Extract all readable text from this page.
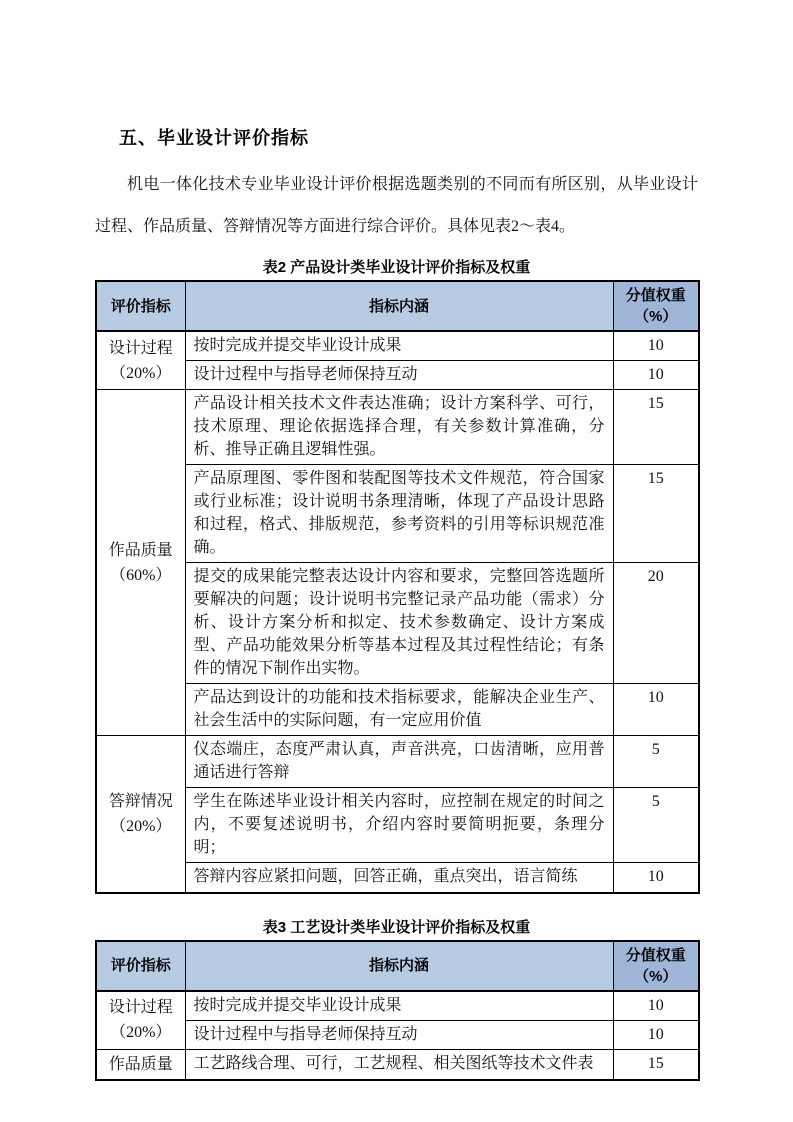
五、毕业设计评价指标

机电一体化技术专业毕业设计评价根据选题类别的不同而有所区别，从毕业设计过程、作品质量、答辩情况等方面进行综合评价。具体见表2～表4。

表2 产品设计类毕业设计评价指标及权重
评价指标	指标内涵	分值权重
（%）

设计过程
（20%）	按时完成并提交毕业设计成果	10
	设计过程中与指导老师保持互动	10

作品质量
（60%）	产品设计相关技术文件表达准确；设计方案科学、可行，技术原理、理论依据选择合理，有关参数计算准确，分析、推导正确且逻辑性强。	15
	产品原理图、零件图和装配图等技术文件规范，符合国家或行业标准；设计说明书条理清晰，体现了产品设计思路和过程，格式、排版规范，参考资料的引用等标识规范准确。	15
	提交的成果能完整表达设计内容和要求，完整回答选题所要解决的问题；设计说明书完整记录产品功能（需求）分析、设计方案分析和拟定、技术参数确定、设计方案成型、产品功能效果分析等基本过程及其过程性结论；有条件的情况下制作出实物。	20
	产品达到设计的功能和技术指标要求，能解决企业生产、社会生活中的实际问题，有一定应用价值	10

答辩情况
（20%）	仪态端庄，态度严肃认真，声音洪亮，口齿清晰，应用普通话进行答辩	5
	学生在陈述毕业设计相关内容时，应控制在规定的时间之内，不要复述说明书，介绍内容时要简明扼要，条理分明；	5
	答辩内容应紧扣问题，回答正确，重点突出，语言简练	10
表3 工艺设计类毕业设计评价指标及权重
评价指标	指标内涵	分值权重
（%）

设计过程
（20%）	按时完成并提交毕业设计成果	10
	设计过程中与指导老师保持互动	10

作品质量	工艺路线合理、可行，工艺规程、相关图纸等技术文件表	15
